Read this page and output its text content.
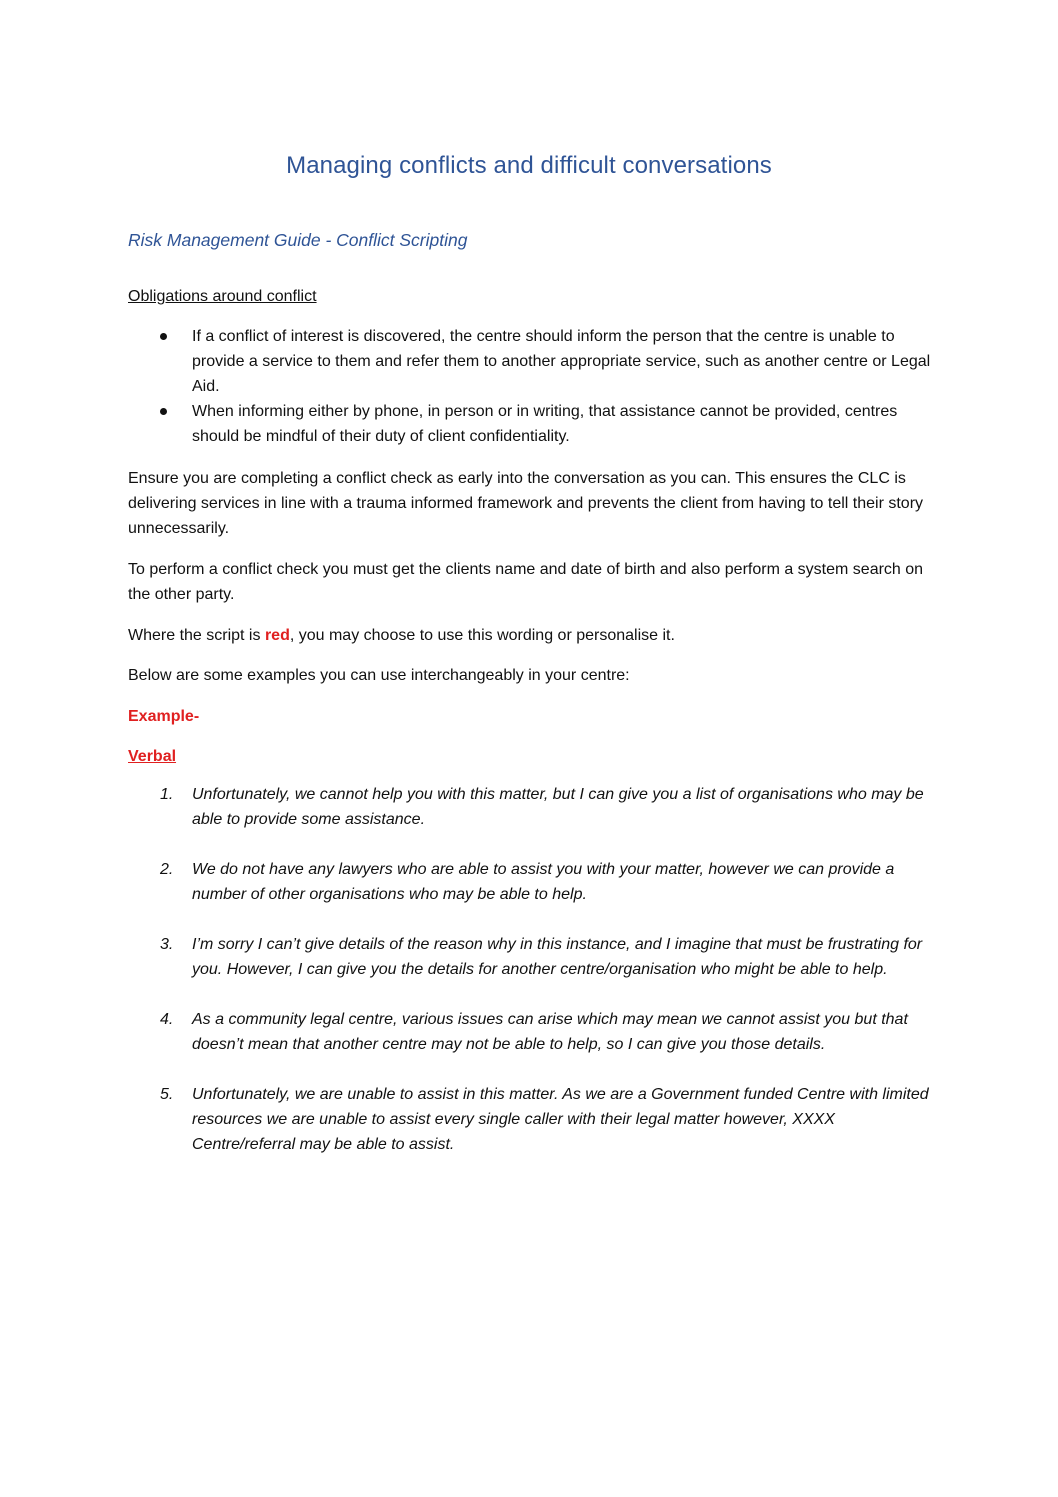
Managing conflicts and difficult conversations
Risk Management Guide - Conflict Scripting
Obligations around conflict
If a conflict of interest is discovered, the centre should inform the person that the centre is unable to provide a service to them and refer them to another appropriate service, such as another centre or Legal Aid.
When informing either by phone, in person or in writing, that assistance cannot be provided, centres should be mindful of their duty of client confidentiality.

Ensure you are completing a conflict check as early into the conversation as you can. This ensures the CLC is delivering services in line with a trauma informed framework and prevents the client from having to tell their story unnecessarily.

To perform a conflict check you must get the clients name and date of birth and also perform a system search on the other party.

Where the script is red, you may choose to use this wording or personalise it.

Below are some examples you can use interchangeably in your centre:

Example-
Verbal
1. Unfortunately, we cannot help you with this matter, but I can give you a list of organisations who may be able to provide some assistance.
2. We do not have any lawyers who are able to assist you with your matter, however we can provide a number of other organisations who may be able to help.
3. I’m sorry I can’t give details of the reason why in this instance, and I imagine that must be frustrating for you. However, I can give you the details for another centre/organisation who might be able to help.
4. As a community legal centre, various issues can arise which may mean we cannot assist you but that doesn’t mean that another centre may not be able to help, so I can give you those details.
5. Unfortunately, we are unable to assist in this matter. As we are a Government funded Centre with limited resources we are unable to assist every single caller with their legal matter however, XXXX Centre/referral may be able to assist.
